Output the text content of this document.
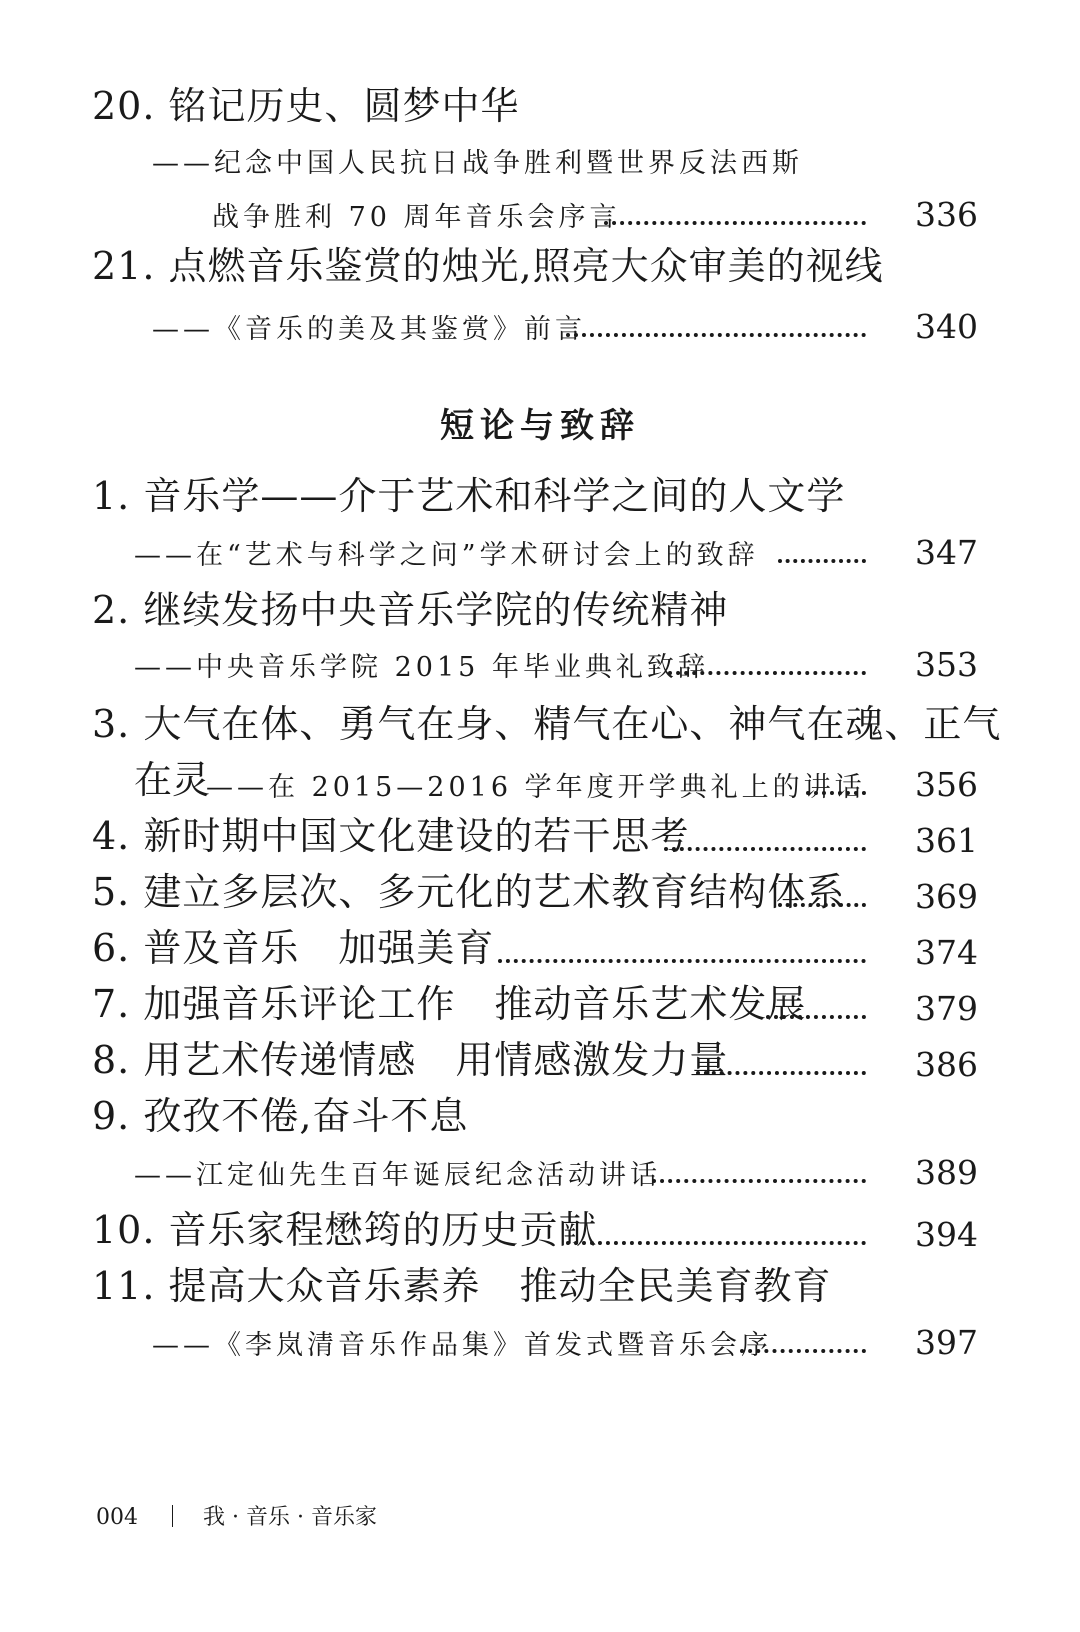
20. 铭记历史、圆梦中华
——纪念中国人民抗日战争胜利暨世界反法西斯
战争胜利 70 周年音乐会序言	336
21. 点燃音乐鉴赏的烛光,照亮大众审美的视线
——《音乐的美及其鉴赏》前言	340
短论与致辞
1. 音乐学——介于艺术和科学之间的人文学
——在“艺术与科学之问”学术研讨会上的致辞	347
2. 继续发扬中央音乐学院的传统精神
——中央音乐学院 2015 年毕业典礼致辞	353
3. 大气在体、勇气在身、精气在心、神气在魂、正气
在灵
——在 2015—2016 学年度开学典礼上的讲话 356
4. 新时期中国文化建设的若干思考	361
5. 建立多层次、多元化的艺术教育结构体系 369
6. 普及音乐　加强美育	374
7. 加强音乐评论工作　推动音乐艺术发展	379
8. 用艺术传递情感　用情感激发力量	386
9. 孜孜不倦,奋斗不息
——江定仙先生百年诞辰纪念活动讲话	389
10. 音乐家程懋筠的历史贡献	394
11. 提高大众音乐素养　推动全民美育教育
——《李岚清音乐作品集》首发式暨音乐会序	397
004	我 · 音乐 · 音乐家
